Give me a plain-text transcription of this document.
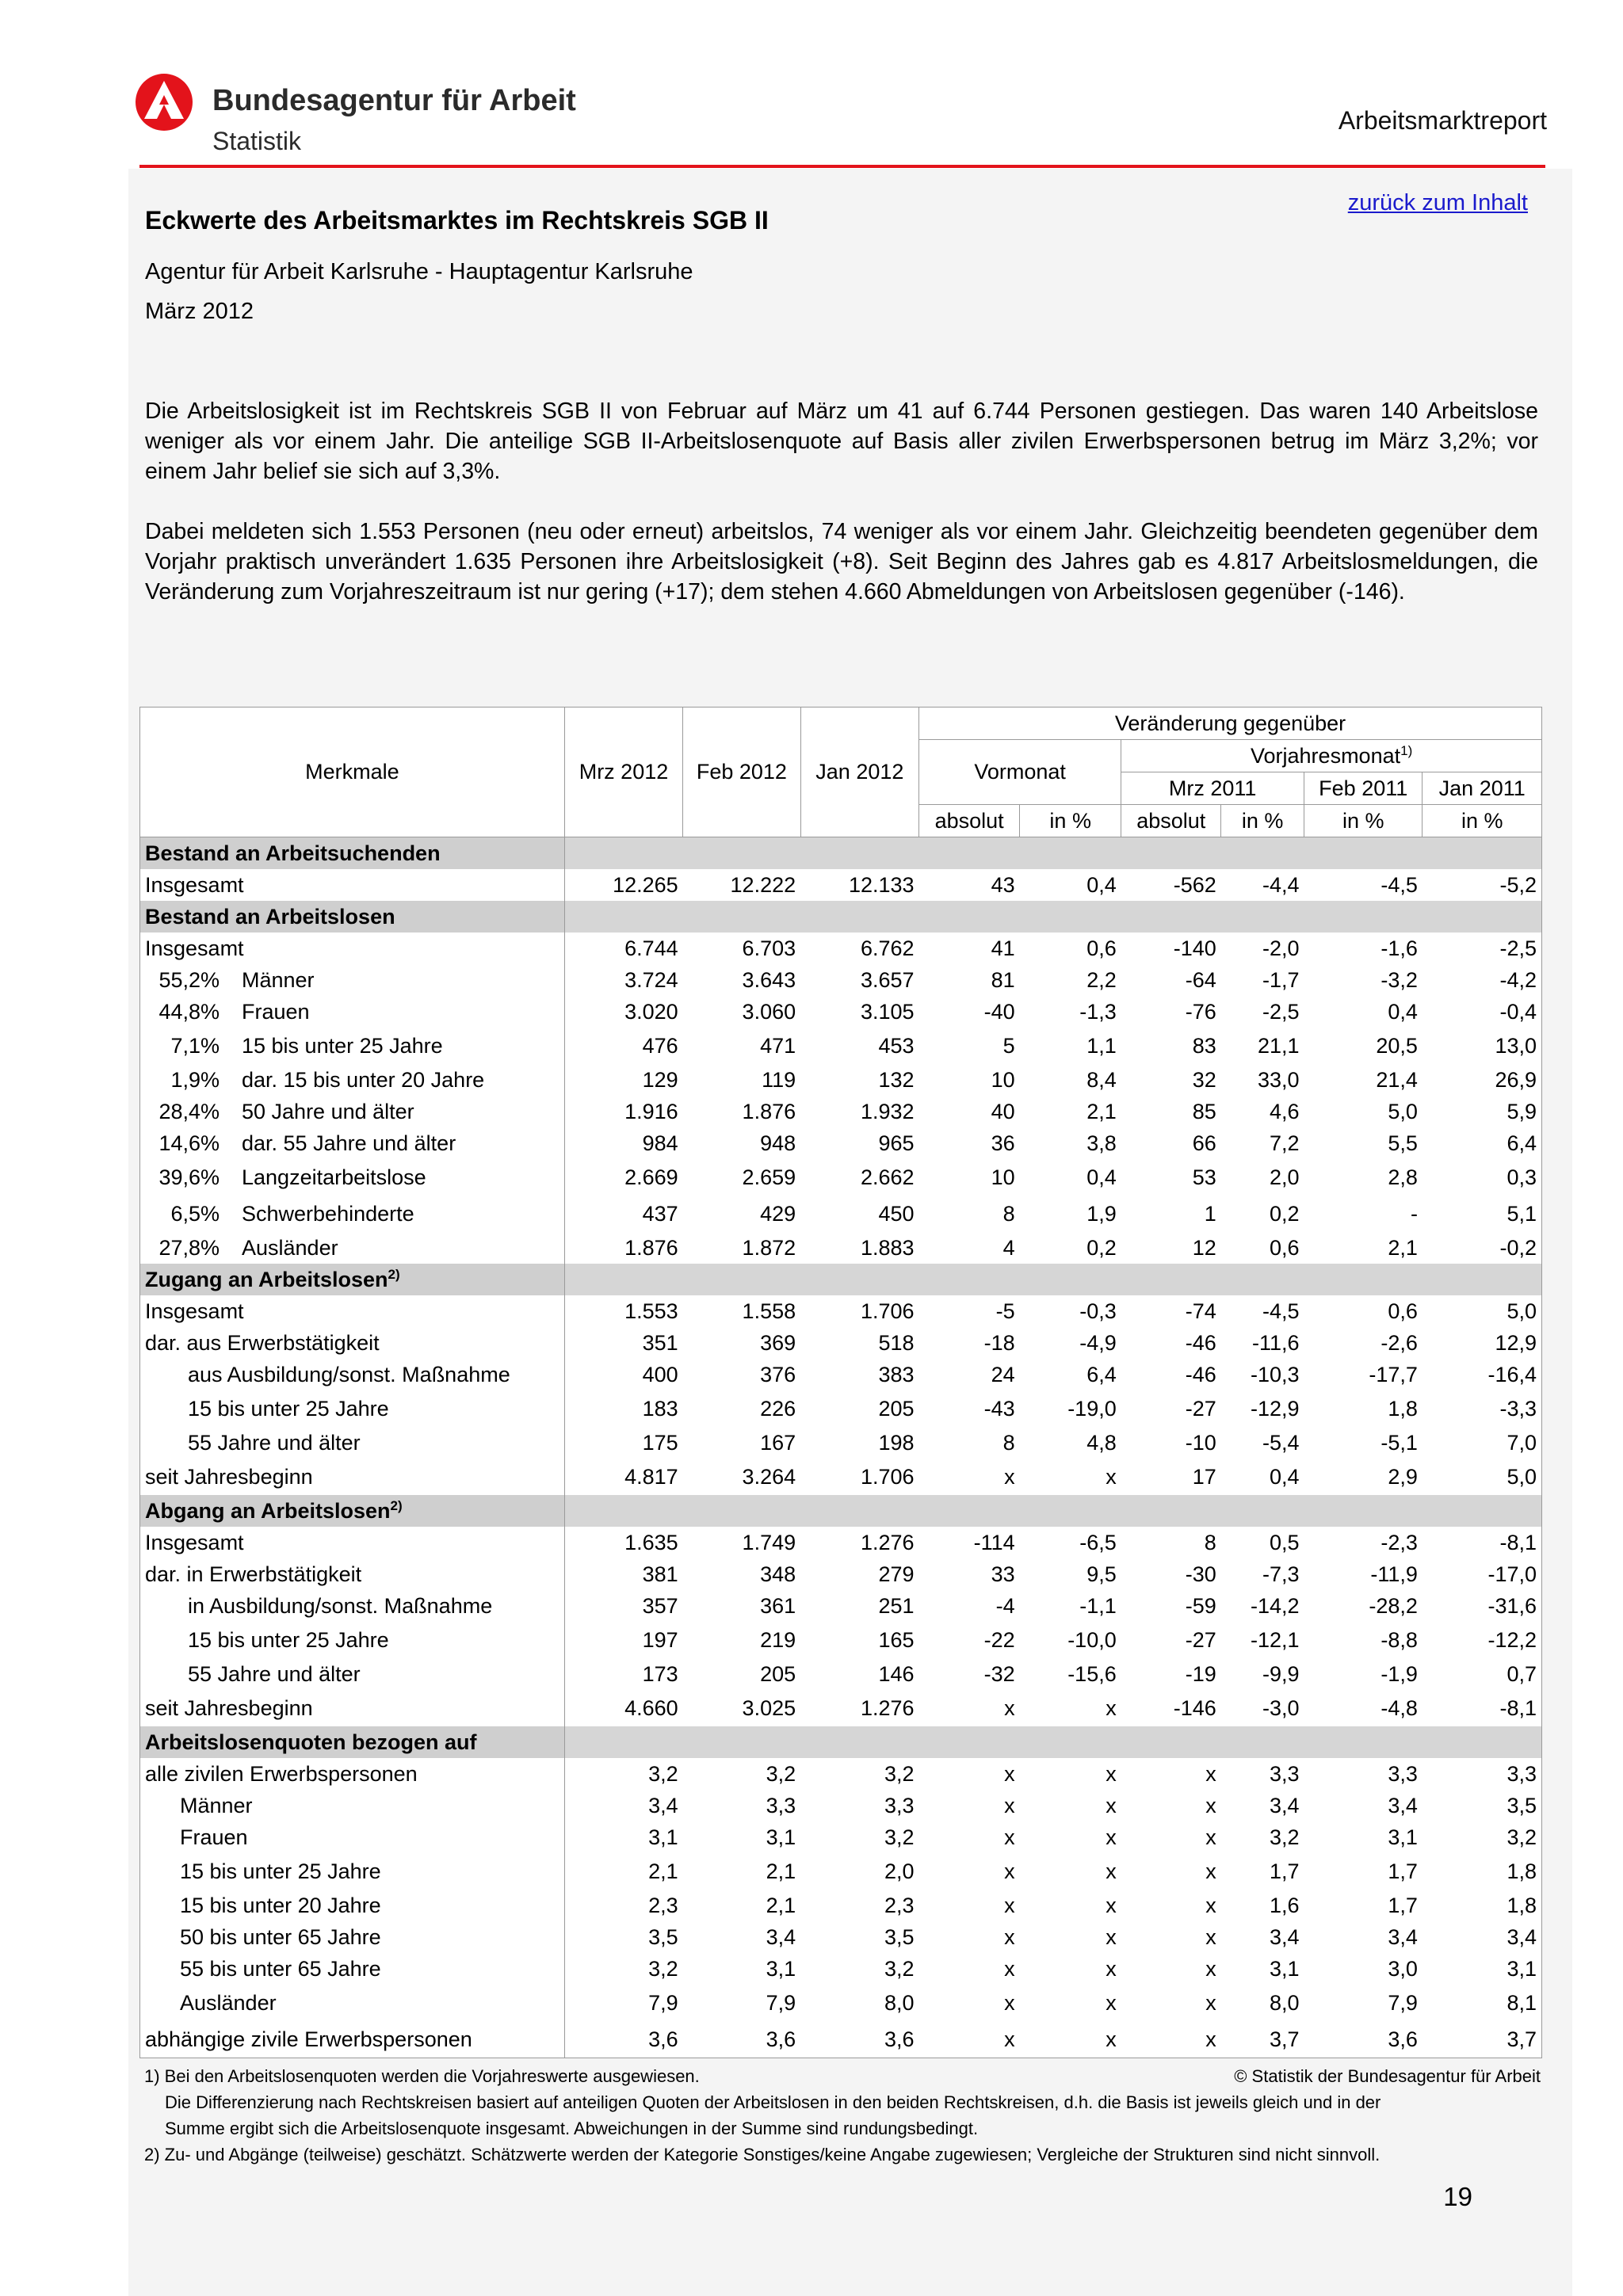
Bundesagentur für Arbeit
Statistik
Arbeitsmarktreport
zurück zum Inhalt
Eckwerte des Arbeitsmarktes im Rechtskreis SGB II
Agentur für Arbeit Karlsruhe - Hauptagentur Karlsruhe
März 2012
Die Arbeitslosigkeit ist im Rechtskreis SGB II von Februar auf März um 41 auf 6.744 Personen gestiegen. Das waren 140 Arbeitslose weniger als vor einem Jahr. Die anteilige SGB II-Arbeitslosenquote auf Basis aller zivilen Erwerbspersonen betrug im März 3,2%; vor einem Jahr belief sie sich auf 3,3%.
Dabei meldeten sich 1.553 Personen (neu oder erneut) arbeitslos, 74 weniger als vor einem Jahr. Gleichzeitig beendeten gegenüber dem Vorjahr praktisch unverändert 1.635 Personen ihre Arbeitslosigkeit (+8). Seit Beginn des Jahres gab es 4.817 Arbeitslosmeldungen, die Veränderung zum Vorjahreszeitraum ist nur gering (+17); dem stehen 4.660 Abmeldungen von Arbeitslosen gegenüber (-146).
Merkmale	Mrz 2012	Feb 2012	Jan 2012	Veränderung gegenüber					
				Vormonat		Vorjahresmonat$^{1)}$
						Mrz 2011		Feb 2011	Jan 2011
				absolut	in %	absolut	in %	in %	in %
Bestand an Arbeitsuchenden									
Insgesamt	12.265	12.222	12.133	43	0,4	-562	-4,4	-4,5	-5,2
Bestand an Arbeitslosen									
Insgesamt	6.744	6.703	6.762	41	0,6	-140	-2,0	-1,6	-2,5
55,2% Männer	3.724	3.643	3.657	81	2,2	-64	-1,7	-3,2	-4,2
44,8% Frauen	3.020	3.060	3.105	-40	-1,3	-76	-2,5	0,4	-0,4
7,1% 15 bis unter 25 Jahre	476	471	453	5	1,1	83	21,1	20,5	13,0
1,9% dar. 15 bis unter 20 Jahre	129	119	132	10	8,4	32	33,0	21,4	26,9
28,4% 50 Jahre und älter	1.916	1.876	1.932	40	2,1	85	4,6	5,0	5,9
14,6% dar. 55 Jahre und älter	984	948	965	36	3,8	66	7,2	5,5	6,4
39,6% Langzeitarbeitslose	2.669	2.659	2.662	10	0,4	53	2,0	2,8	0,3
6,5% Schwerbehinderte	437	429	450	8	1,9	1	0,2	-	5,1
27,8% Ausländer	1.876	1.872	1.883	4	0,2	12	0,6	2,1	-0,2
Zugang an Arbeitslosen$^{2)}$	
Insgesamt	1.553	1.558	1.706	-5	-0,3	-74	-4,5	0,6	5,0
dar. aus Erwerbstätigkeit	351	369	518	-18	-4,9	-46	-11,6	-2,6	12,9
aus Ausbildung/sonst. Maßnahme	400	376	383	24	6,4	-46	-10,3	-17,7	-16,4
15 bis unter 25 Jahre	183	226	205	-43	-19,0	-27	-12,9	1,8	-3,3
55 Jahre und älter	175	167	198	8	4,8	-10	-5,4	-5,1	7,0
seit Jahresbeginn	4.817	3.264	1.706	x	x	17	0,4	2,9	5,0
Abgang an Arbeitslosen$^{2)}$	
Insgesamt	1.635	1.749	1.276	-114	-6,5	8	0,5	-2,3	-8,1
dar. in Erwerbstätigkeit	381	348	279	33	9,5	-30	-7,3	-11,9	-17,0
in Ausbildung/sonst. Maßnahme	357	361	251	-4	-1,1	-59	-14,2	-28,2	-31,6
15 bis unter 25 Jahre	197	219	165	-22	-10,0	-27	-12,1	-8,8	-12,2
55 Jahre und älter	173	205	146	-32	-15,6	-19	-9,9	-1,9	0,7
seit Jahresbeginn	4.660	3.025	1.276	x	x	-146	-3,0	-4,8	-8,1
Arbeitslosenquoten bezogen auf									
alle zivilen Erwerbspersonen	3,2	3,2	3,2	x	x	x	3,3	3,3	3,3
Männer	3,4	3,3	3,3	x	x	x	3,4	3,4	3,5
Frauen	3,1	3,1	3,2	x	x	x	3,2	3,1	3,2
15 bis unter 25 Jahre	2,1	2,1	2,0	x	x	x	1,7	1,7	1,8
15 bis unter 20 Jahre	2,3	2,1	2,3	x	x	x	1,6	1,7	1,8
50 bis unter 65 Jahre	3,5	3,4	3,5	x	x	x	3,4	3,4	3,4
55 bis unter 65 Jahre	3,2	3,1	3,2	x	x	x	3,1	3,0	3,1
Ausländer	7,9	7,9	8,0	x	x	x	8,0	7,9	8,1
abhängige zivile Erwerbspersonen	3,6	3,6	3,6	x	x	x	3,7	3,6	3,7
1) Bei den Arbeitslosenquoten werden die Vorjahreswerte ausgewiesen.	© Statistik der Bundesagentur für Arbeit
Die Differenzierung nach Rechtskreisen basiert auf anteiligen Quoten der Arbeitslosen in den beiden Rechtskreisen, d.h. die Basis ist jeweils gleich und in der
Summe ergibt sich die Arbeitslosenquote insgesamt. Abweichungen in der Summe sind rundungsbedingt.
2) Zu- und Abgänge (teilweise) geschätzt. Schätzwerte werden der Kategorie Sonstiges/keine Angabe zugewiesen; Vergleiche der Strukturen sind nicht sinnvoll.
19
